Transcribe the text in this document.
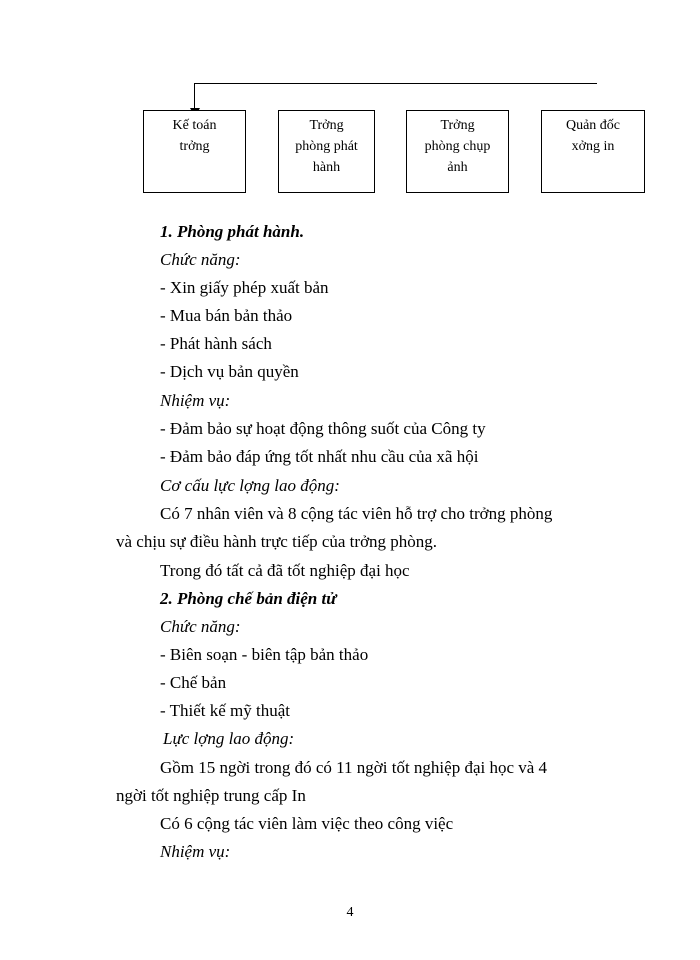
Kế toán
trởng
Trởng
phòng phát
hành
Trởng
phòng chụp
ảnh
Quản đốc
xởng in
1. Phòng phát hành.
Chức năng:
- Xin giấy phép xuất bản
- Mua bán bản thảo
- Phát hành sách
- Dịch vụ bản quyền
Nhiệm vụ:
- Đảm bảo sự hoạt động thông suốt của Công ty
- Đảm bảo đáp ứng tốt nhất nhu cầu của xã hội
Cơ cấu lực lợng lao động:
Có 7 nhân viên và 8 cộng tác viên hỗ trợ cho trởng phòng
và chịu sự điều hành trực tiếp của trởng phòng.
Trong đó tất cả đã tốt nghiệp đại học
2. Phòng chế bản điện tử
Chức năng:
- Biên soạn - biên tập bản thảo
- Chế bản
- Thiết kế mỹ thuật
Lực lợng lao động:
Gồm 15 ngời trong đó có 11 ngời tốt nghiệp đại học và 4
ngời tốt nghiệp trung cấp In
Có 6 cộng tác viên làm việc theo công việc
Nhiệm vụ:
4
